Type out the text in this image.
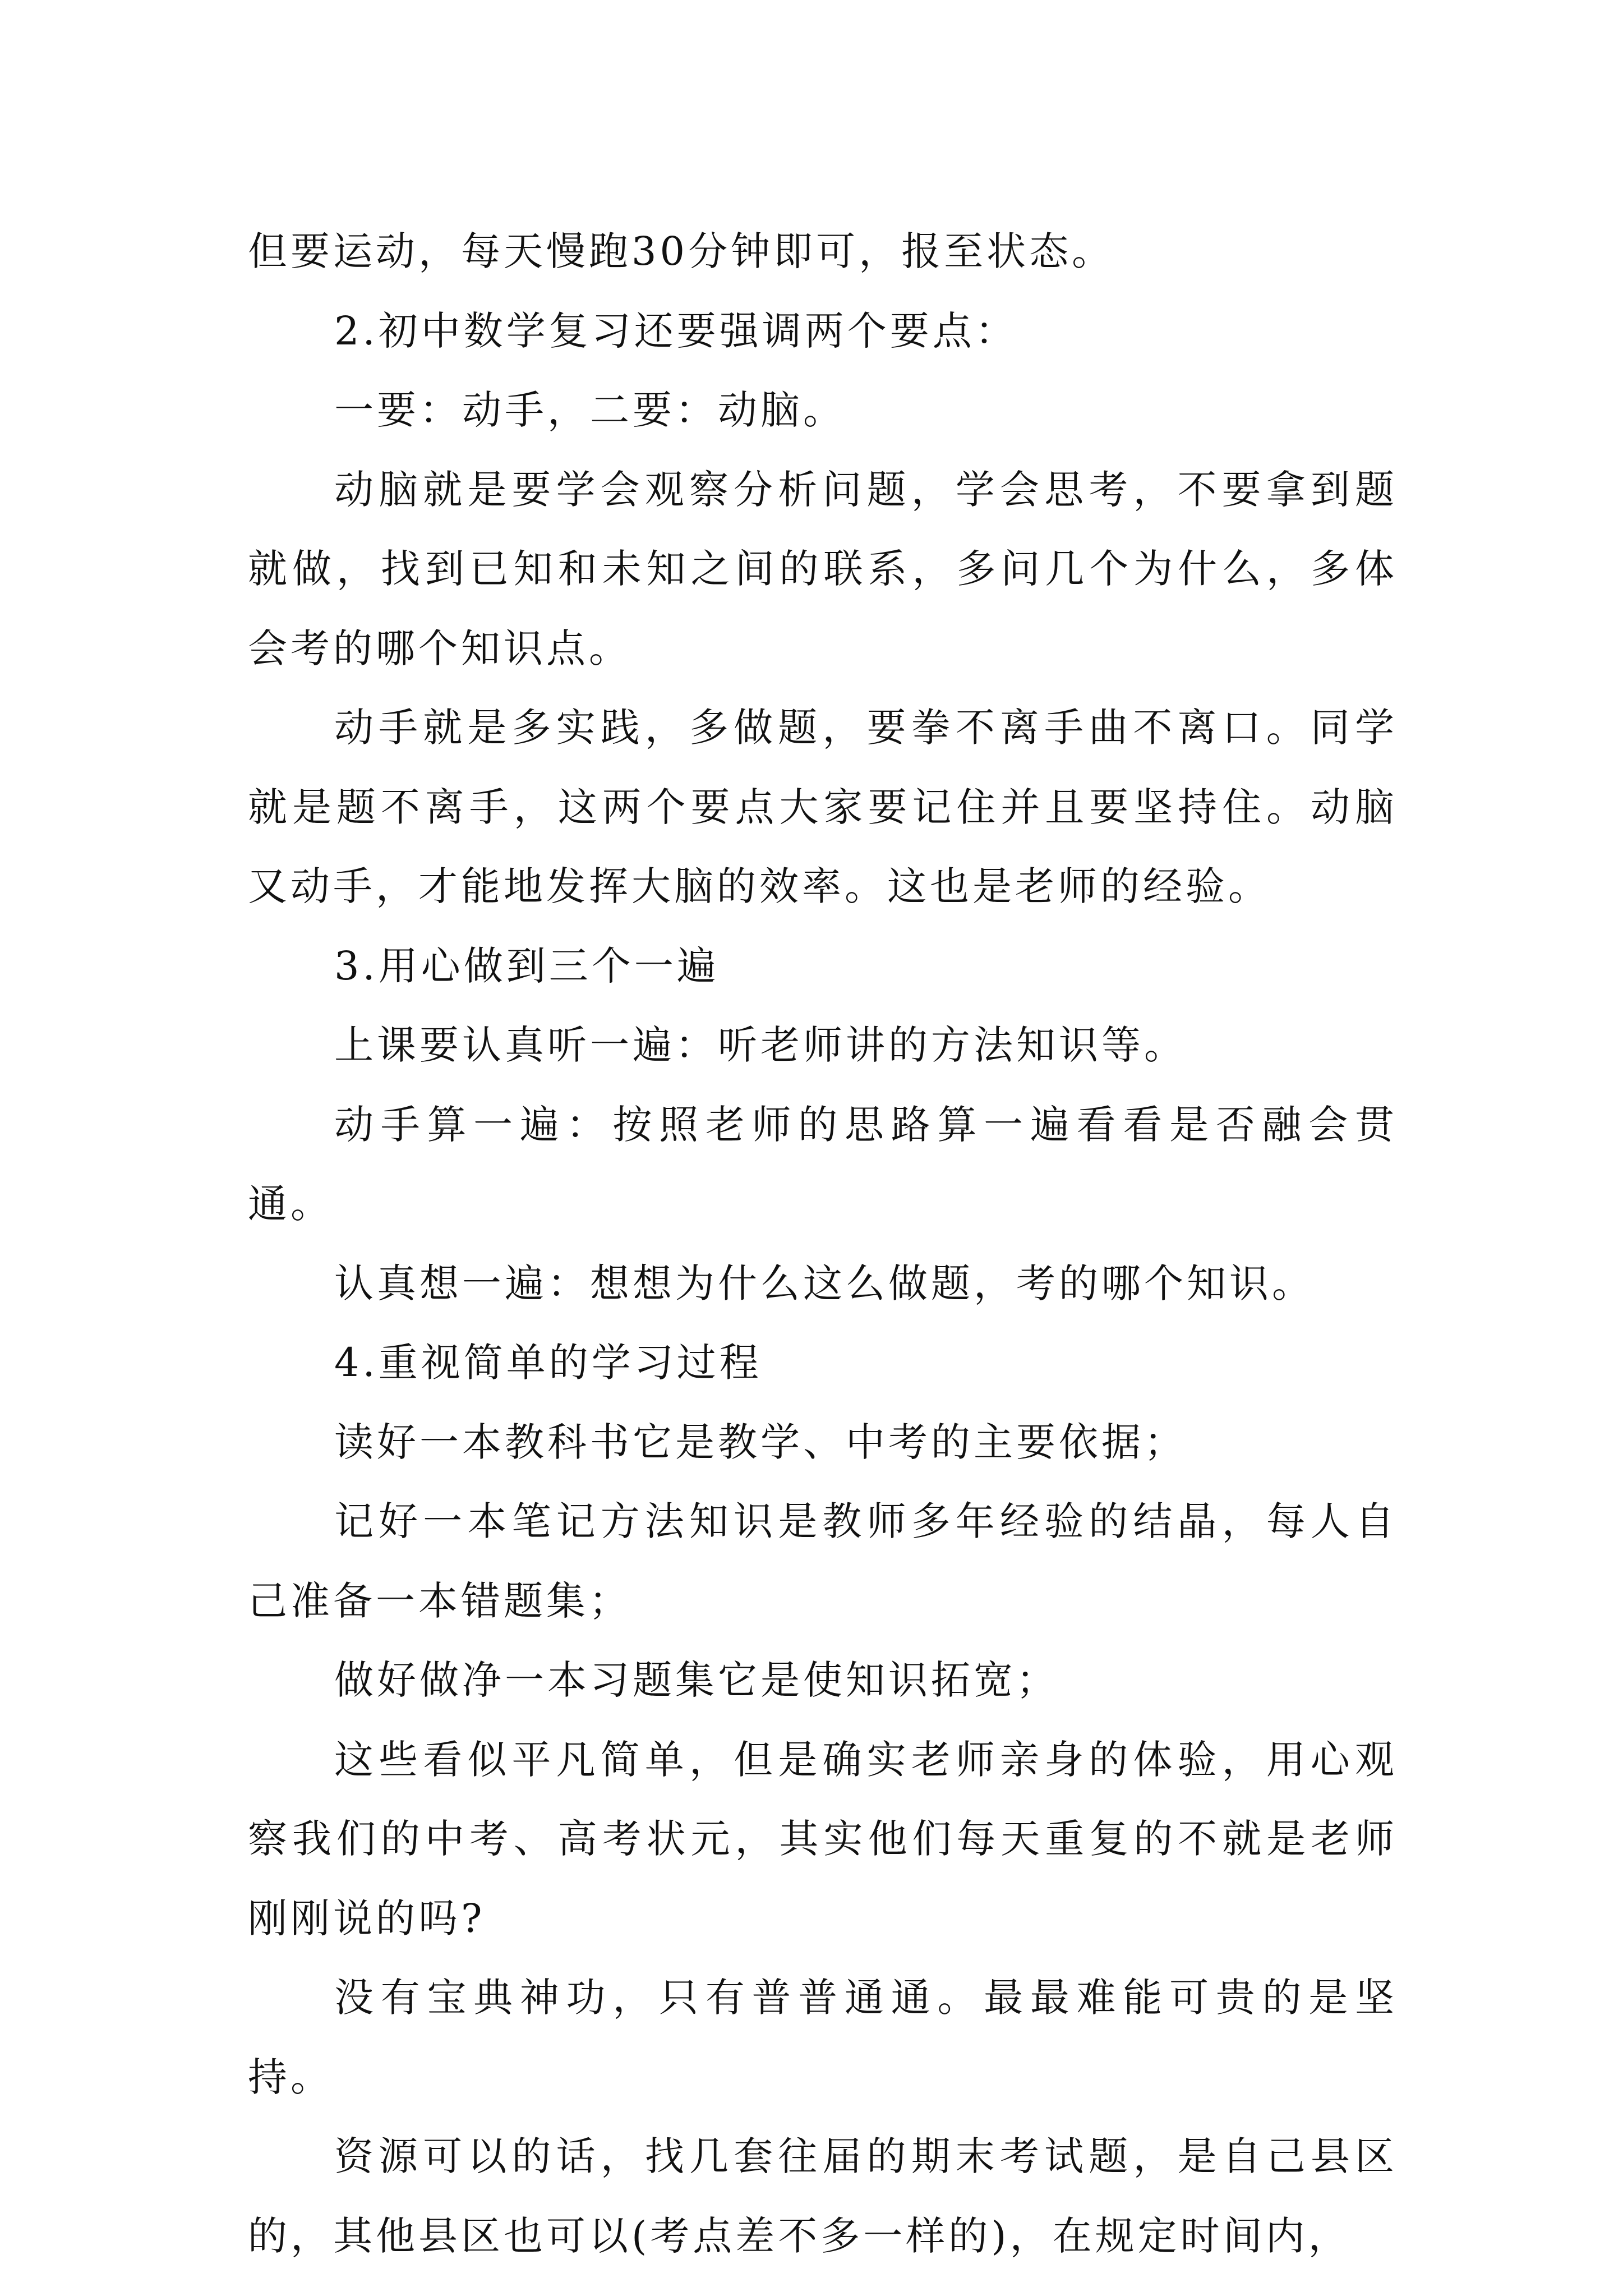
但要运动，每天慢跑30分钟即可，报至状态。

2.初中数学复习还要强调两个要点：

一要：动手，二要：动脑。

动脑就是要学会观察分析问题，学会思考，不要拿到题就做，找到已知和未知之间的联系，多问几个为什么，多体会考的哪个知识点。

动手就是多实践，多做题，要拳不离手曲不离口。同学就是题不离手，这两个要点大家要记住并且要坚持住。动脑又动手，才能地发挥大脑的效率。这也是老师的经验。

3.用心做到三个一遍

上课要认真听一遍：听老师讲的方法知识等。

动手算一遍：按照老师的思路算一遍看看是否融会贯通。

认真想一遍：想想为什么这么做题，考的哪个知识。

4.重视简单的学习过程

读好一本教科书它是教学、中考的主要依据；

记好一本笔记方法知识是教师多年经验的结晶，每人自己准备一本错题集；

做好做净一本习题集它是使知识拓宽；

这些看似平凡简单，但是确实老师亲身的体验，用心观察我们的中考、高考状元，其实他们每天重复的不就是老师刚刚说的吗?

没有宝典神功，只有普普通通。最最难能可贵的是坚持。

资源可以的话，找几套往届的期末考试题，是自己县区的，其他县区也可以(考点差不多一样的)，在规定时间内，
